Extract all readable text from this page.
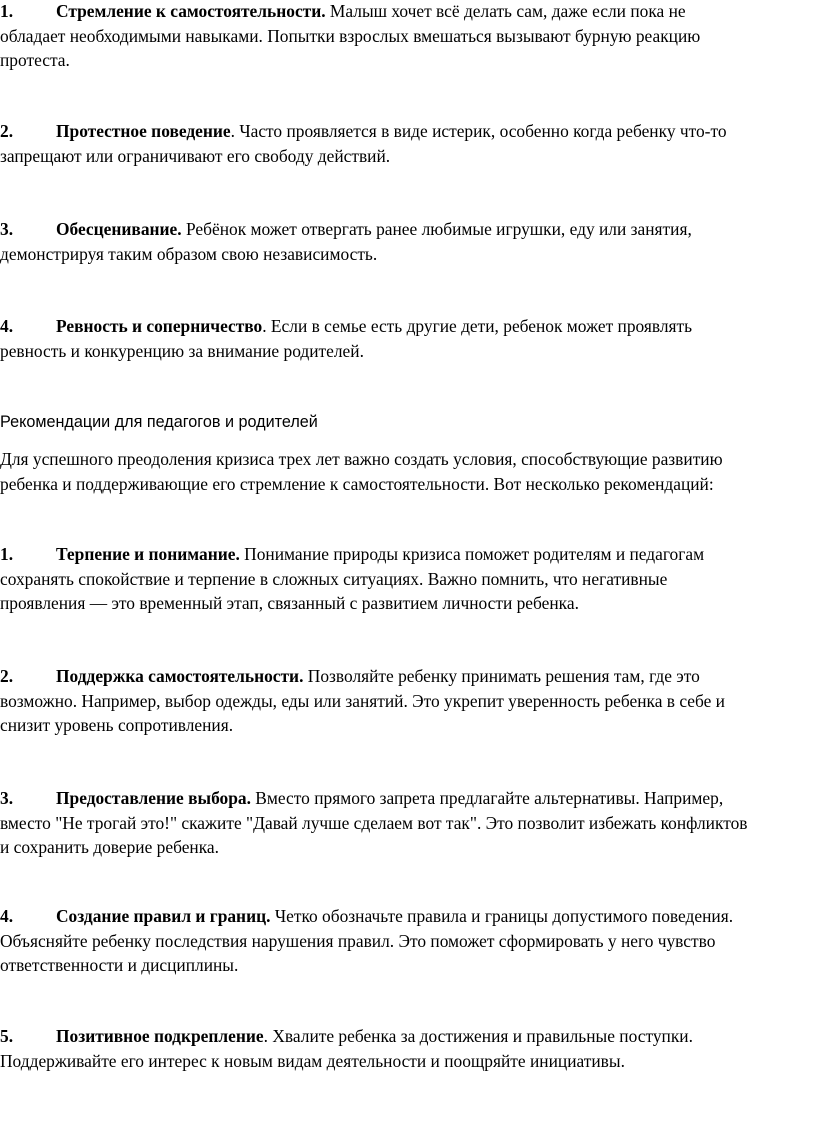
1. Стремление к самостоятельности. Малыш хочет всё делать сам, даже если пока не
обладает необходимыми навыками. Попытки взрослых вмешаться вызывают бурную реакцию
протеста.
2. Протестное поведение. Часто проявляется в виде истерик, особенно когда ребенку что-то
запрещают или ограничивают его свободу действий.
3. Обесценивание. Ребёнок может отвергать ранее любимые игрушки, еду или занятия,
демонстрируя таким образом свою независимость.
4. Ревность и соперничество. Если в семье есть другие дети, ребенок может проявлять
ревность и конкуренцию за внимание родителей.
Рекомендации для педагогов и родителей
Для успешного преодоления кризиса трех лет важно создать условия, способствующие развитию
ребенка и поддерживающие его стремление к самостоятельности. Вот несколько рекомендаций:
1. Терпение и понимание. Понимание природы кризиса поможет родителям и педагогам
сохранять спокойствие и терпение в сложных ситуациях. Важно помнить, что негативные
проявления — это временный этап, связанный с развитием личности ребенка.
2. Поддержка самостоятельности. Позволяйте ребенку принимать решения там, где это
возможно. Например, выбор одежды, еды или занятий. Это укрепит уверенность ребенка в себе и
снизит уровень сопротивления.
3. Предоставление выбора. Вместо прямого запрета предлагайте альтернативы. Например,
вместо "Не трогай это!" скажите "Давай лучше сделаем вот так". Это позволит избежать конфликтов
и сохранить доверие ребенка.
4. Создание правил и границ. Четко обозначьте правила и границы допустимого поведения.
Объясняйте ребенку последствия нарушения правил. Это поможет сформировать у него чувство
ответственности и дисциплины.
5. Позитивное подкрепление. Хвалите ребенка за достижения и правильные поступки.
Поддерживайте его интерес к новым видам деятельности и поощряйте инициативы.
